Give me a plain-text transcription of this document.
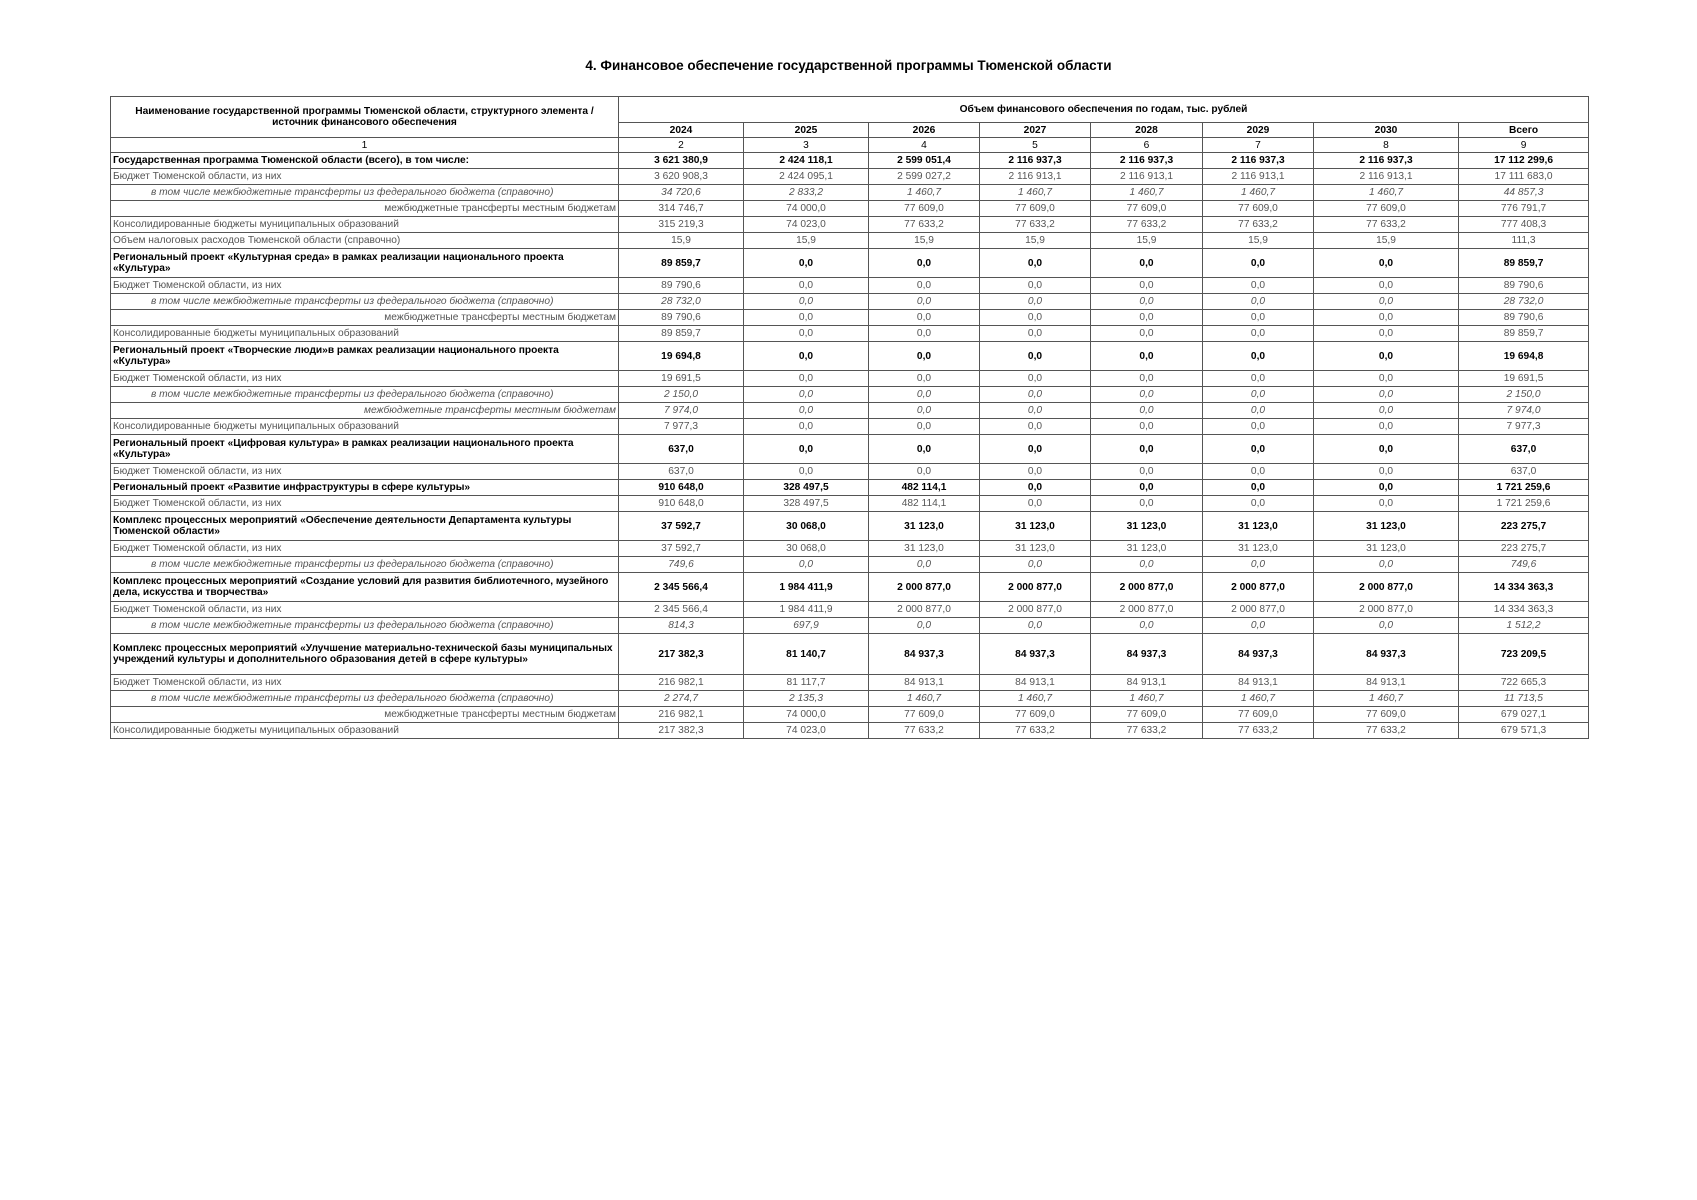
4. Финансовое обеспечение государственной программы Тюменской области
Наименование государственной программы Тюменской области, структурного элемента / источник финансового обеспечения	Объем финансового обеспечения по годам, тыс. рублей							
	2024	2025	2026	2027	2028	2029	2030	Всего
1	2	3	4	5	6	7	8	9
Государственная программа Тюменской области (всего), в том числе:	3 621 380,9	2 424 118,1	2 599 051,4	2 116 937,3	2 116 937,3	2 116 937,3	2 116 937,3	17 112 299,6
Бюджет Тюменской области, из них	3 620 908,3	2 424 095,1	2 599 027,2	2 116 913,1	2 116 913,1	2 116 913,1	2 116 913,1	17 111 683,0
в том числе межбюджетные трансферты из федерального бюджета (справочно)	34 720,6	2 833,2	1 460,7	1 460,7	1 460,7	1 460,7	1 460,7	44 857,3
межбюджетные трансферты местным бюджетам	314 746,7	74 000,0	77 609,0	77 609,0	77 609,0	77 609,0	77 609,0	776 791,7
Консолидированные бюджеты муниципальных образований	315 219,3	74 023,0	77 633,2	77 633,2	77 633,2	77 633,2	77 633,2	777 408,3
Объем налоговых расходов Тюменской области (справочно)	15,9	15,9	15,9	15,9	15,9	15,9	15,9	111,3
Региональный проект «Культурная среда» в рамках реализации национального проекта «Культура»	89 859,7	0,0	0,0	0,0	0,0	0,0	0,0	89 859,7
Бюджет Тюменской области, из них	89 790,6	0,0	0,0	0,0	0,0	0,0	0,0	89 790,6
в том числе межбюджетные трансферты из федерального бюджета (справочно)	28 732,0	0,0	0,0	0,0	0,0	0,0	0,0	28 732,0
межбюджетные трансферты местным бюджетам	89 790,6	0,0	0,0	0,0	0,0	0,0	0,0	89 790,6
Консолидированные бюджеты муниципальных образований	89 859,7	0,0	0,0	0,0	0,0	0,0	0,0	89 859,7
Региональный проект «Творческие люди»в рамках реализации национального проекта «Культура»	19 694,8	0,0	0,0	0,0	0,0	0,0	0,0	19 694,8
Бюджет Тюменской области, из них	19 691,5	0,0	0,0	0,0	0,0	0,0	0,0	19 691,5
в том числе межбюджетные трансферты из федерального бюджета (справочно)	2 150,0	0,0	0,0	0,0	0,0	0,0	0,0	2 150,0
межбюджетные трансферты местным бюджетам	7 974,0	0,0	0,0	0,0	0,0	0,0	0,0	7 974,0
Консолидированные бюджеты муниципальных образований	7 977,3	0,0	0,0	0,0	0,0	0,0	0,0	7 977,3
Региональный проект «Цифровая культура» в рамках реализации национального проекта «Культура»	637,0	0,0	0,0	0,0	0,0	0,0	0,0	637,0
Бюджет Тюменской области, из них	637,0	0,0	0,0	0,0	0,0	0,0	0,0	637,0
Региональный проект «Развитие инфраструктуры в сфере культуры»	910 648,0	328 497,5	482 114,1	0,0	0,0	0,0	0,0	1 721 259,6
Бюджет Тюменской области, из них	910 648,0	328 497,5	482 114,1	0,0	0,0	0,0	0,0	1 721 259,6
Комплекс процессных мероприятий «Обеспечение деятельности Департамента культуры Тюменской области»	37 592,7	30 068,0	31 123,0	31 123,0	31 123,0	31 123,0	31 123,0	223 275,7
Бюджет Тюменской области, из них	37 592,7	30 068,0	31 123,0	31 123,0	31 123,0	31 123,0	31 123,0	223 275,7
в том числе межбюджетные трансферты из федерального бюджета (справочно)	749,6	0,0	0,0	0,0	0,0	0,0	0,0	749,6
Комплекс процессных мероприятий «Создание условий для развития библиотечного, музейного дела, искусства и творчества»	2 345 566,4	1 984 411,9	2 000 877,0	2 000 877,0	2 000 877,0	2 000 877,0	2 000 877,0	14 334 363,3
Бюджет Тюменской области, из них	2 345 566,4	1 984 411,9	2 000 877,0	2 000 877,0	2 000 877,0	2 000 877,0	2 000 877,0	14 334 363,3
в том числе межбюджетные трансферты из федерального бюджета (справочно)	814,3	697,9	0,0	0,0	0,0	0,0	0,0	1 512,2
Комплекс процессных мероприятий «Улучшение материально-технической базы муниципальных учреждений культуры и дополнительного образования детей в сфере культуры»	217 382,3	81 140,7	84 937,3	84 937,3	84 937,3	84 937,3	84 937,3	723 209,5
Бюджет Тюменской области, из них	216 982,1	81 117,7	84 913,1	84 913,1	84 913,1	84 913,1	84 913,1	722 665,3
в том числе межбюджетные трансферты из федерального бюджета (справочно)	2 274,7	2 135,3	1 460,7	1 460,7	1 460,7	1 460,7	1 460,7	11 713,5
межбюджетные трансферты местным бюджетам	216 982,1	74 000,0	77 609,0	77 609,0	77 609,0	77 609,0	77 609,0	679 027,1
Консолидированные бюджеты муниципальных образований	217 382,3	74 023,0	77 633,2	77 633,2	77 633,2	77 633,2	77 633,2	679 571,3
